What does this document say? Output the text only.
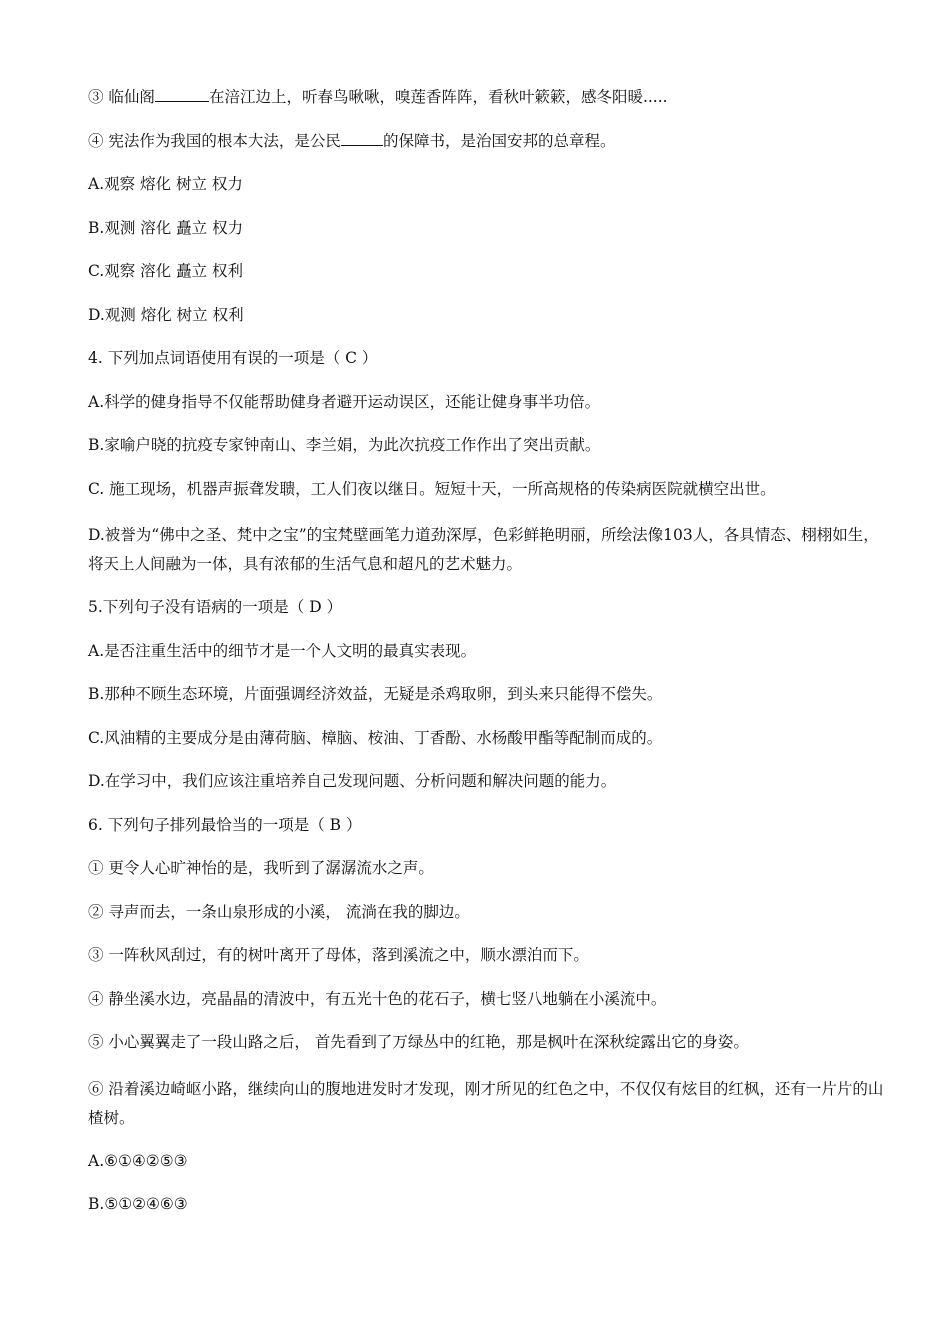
③ 临仙阁	在涪江边上，听春鸟啾啾，嗅莲香阵阵，看秋叶簌簌，感冬阳暖.....

④ 宪法作为我国的根本大法，是公民	的保障书，是治国安邦的总章程。

A.观察 熔化 树立 权力

B.观测 溶化 矗立 权力

C.观察 溶化 矗立 权利

D.观测 熔化 树立 权利

4. 下列加点词语使用有误的一项是（ C ）

A.科学的健身指导不仅能帮助健身者避开运动误区，还能让健身事半功倍。

B.家喻户晓的抗疫专家钟南山、李兰娟，为此次抗疫工作作出了突出贡献。

C. 施工现场，机器声振聋发聩，工人们夜以继日。短短十天，一所高规格的传染病医院就横空出世。

D.被誉为“佛中之圣、梵中之宝”的宝梵壁画笔力道劲深厚，色彩鲜艳明丽，所绘法像103人，各具情态、栩栩如生，将天上人间融为一体，具有浓郁的生活气息和超凡的艺术魅力。

5.下列句子没有语病的一项是（ D ）

A.是否注重生活中的细节才是一个人文明的最真实表现。

B.那种不顾生态环境，片面强调经济效益，无疑是杀鸡取卵，到头来只能得不偿失。

C.风油精的主要成分是由薄荷脑、樟脑、桉油、丁香酚、水杨酸甲酯等配制而成的。

D.在学习中，我们应该注重培养自己发现问题、分析问题和解决问题的能力。

6. 下列句子排列最恰当的一项是（ B ）

① 更令人心旷神怡的是，我听到了潺潺流水之声。

② 寻声而去，一条山泉形成的小溪， 流淌在我的脚边。

③ 一阵秋风刮过，有的树叶离开了母体，落到溪流之中，顺水漂泊而下。

④ 静坐溪水边，亮晶晶的清波中，有五光十色的花石子，横七竖八地躺在小溪流中。

⑤ 小心翼翼走了一段山路之后， 首先看到了万绿丛中的红艳，那是枫叶在深秋绽露出它的身姿。

⑥ 沿着溪边崎岖小路，继续向山的腹地进发时才发现，刚才所见的红色之中，不仅仅有炫目的红枫，还有一片片的山楂树。

A.⑥①④②⑤③

B.⑤①②④⑥③
